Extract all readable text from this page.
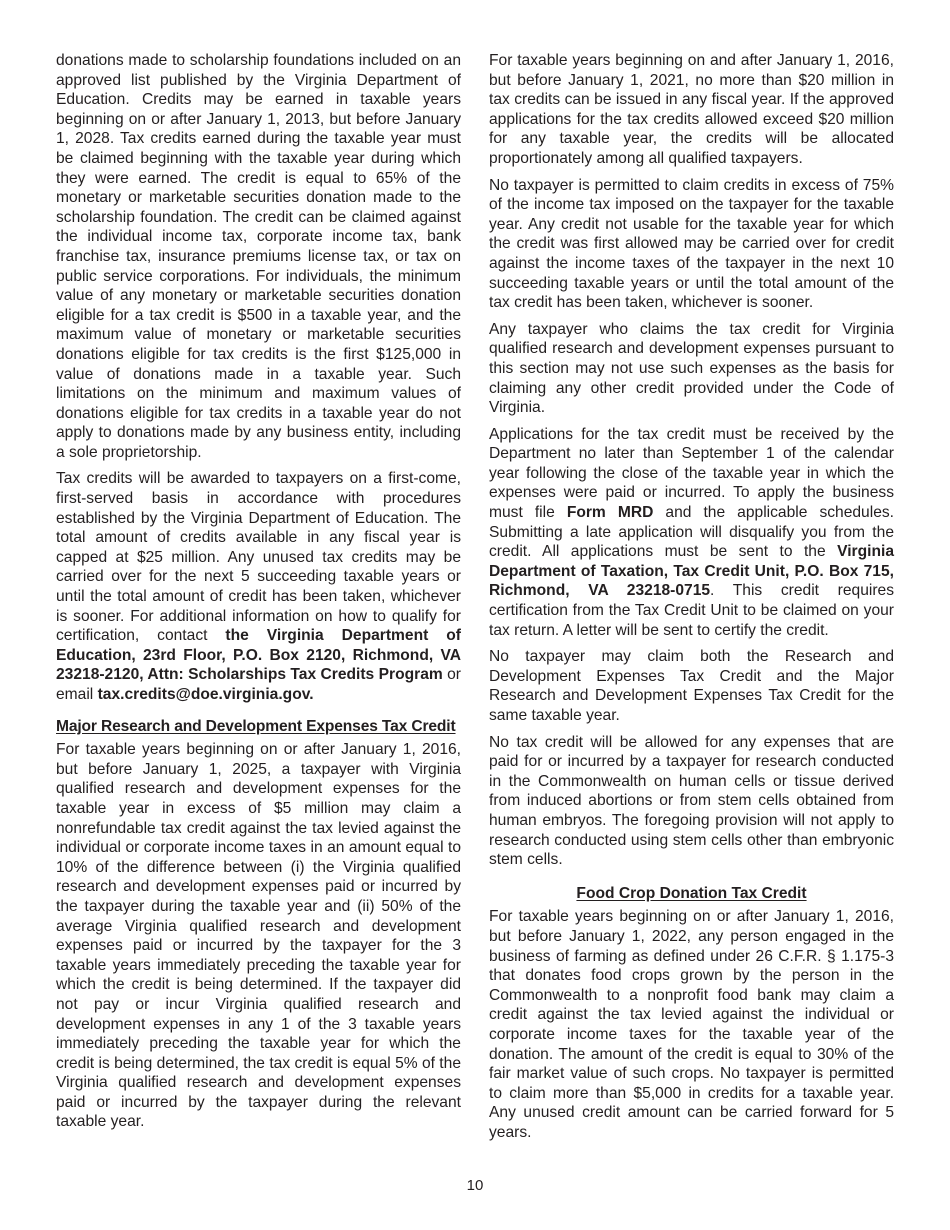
donations made to scholarship foundations included on an approved list published by the Virginia Department of Education. Credits may be earned in taxable years beginning on or after January 1, 2013, but before January 1, 2028. Tax credits earned during the taxable year must be claimed beginning with the taxable year during which they were earned. The credit is equal to 65% of the monetary or marketable securities donation made to the scholarship foundation. The credit can be claimed against the individual income tax, corporate income tax, bank franchise tax, insurance premiums license tax, or tax on public service corporations. For individuals, the minimum value of any monetary or marketable securities donation eligible for a tax credit is $500 in a taxable year, and the maximum value of monetary or marketable securities donations eligible for tax credits is the first $125,000 in value of donations made in a taxable year. Such limitations on the minimum and maximum values of donations eligible for tax credits in a taxable year do not apply to donations made by any business entity, including a sole proprietorship.

Tax credits will be awarded to taxpayers on a first-come, first-served basis in accordance with procedures established by the Virginia Department of Education. The total amount of credits available in any fiscal year is capped at $25 million. Any unused tax credits may be carried over for the next 5 succeeding taxable years or until the total amount of credit has been taken, whichever is sooner. For additional information on how to qualify for certification, contact the Virginia Department of Education, 23rd Floor, P.O. Box 2120, Richmond, VA 23218-2120, Attn: Scholarships Tax Credits Program or email tax.credits@doe.virginia.gov.

Major Research and Development Expenses Tax Credit

For taxable years beginning on or after January 1, 2016, but before January 1, 2025, a taxpayer with Virginia qualified research and development expenses for the taxable year in excess of $5 million may claim a nonrefundable tax credit against the tax levied against the individual or corporate income taxes in an amount equal to 10% of the difference between (i) the Virginia qualified research and development expenses paid or incurred by the taxpayer during the taxable year and (ii) 50% of the average Virginia qualified research and development expenses paid or incurred by the taxpayer for the 3 taxable years immediately preceding the taxable year for which the credit is being determined. If the taxpayer did not pay or incur Virginia qualified research and development expenses in any 1 of the 3 taxable years immediately preceding the taxable year for which the credit is being determined, the tax credit is equal 5% of the Virginia qualified research and development expenses paid or incurred by the taxpayer during the relevant taxable year.

For taxable years beginning on and after January 1, 2016, but before January 1, 2021, no more than $20 million in tax credits can be issued in any fiscal year. If the approved applications for the tax credits allowed exceed $20 million for any taxable year, the credits will be allocated proportionately among all qualified taxpayers.

No taxpayer is permitted to claim credits in excess of 75% of the income tax imposed on the taxpayer for the taxable year. Any credit not usable for the taxable year for which the credit was first allowed may be carried over for credit against the income taxes of the taxpayer in the next 10 succeeding taxable years or until the total amount of the tax credit has been taken, whichever is sooner.

Any taxpayer who claims the tax credit for Virginia qualified research and development expenses pursuant to this section may not use such expenses as the basis for claiming any other credit provided under the Code of Virginia.

Applications for the tax credit must be received by the Department no later than September 1 of the calendar year following the close of the taxable year in which the expenses were paid or incurred. To apply the business must file Form MRD and the applicable schedules. Submitting a late application will disqualify you from the credit. All applications must be sent to the Virginia Department of Taxation, Tax Credit Unit, P.O. Box 715, Richmond, VA 23218-0715. This credit requires certification from the Tax Credit Unit to be claimed on your tax return. A letter will be sent to certify the credit.

No taxpayer may claim both the Research and Development Expenses Tax Credit and the Major Research and Development Expenses Tax Credit for the same taxable year.

No tax credit will be allowed for any expenses that are paid for or incurred by a taxpayer for research conducted in the Commonwealth on human cells or tissue derived from induced abortions or from stem cells obtained from human embryos. The foregoing provision will not apply to research conducted using stem cells other than embryonic stem cells.

Food Crop Donation Tax Credit

For taxable years beginning on or after January 1, 2016, but before January 1, 2022, any person engaged in the business of farming as defined under 26 C.F.R. § 1.175-3 that donates food crops grown by the person in the Commonwealth to a nonprofit food bank may claim a credit against the tax levied against the individual or corporate income taxes for the taxable year of the donation. The amount of the credit is equal to 30% of the fair market value of such crops. No taxpayer is permitted to claim more than $5,000 in credits for a taxable year. Any unused credit amount can be carried forward for 5 years.

10
